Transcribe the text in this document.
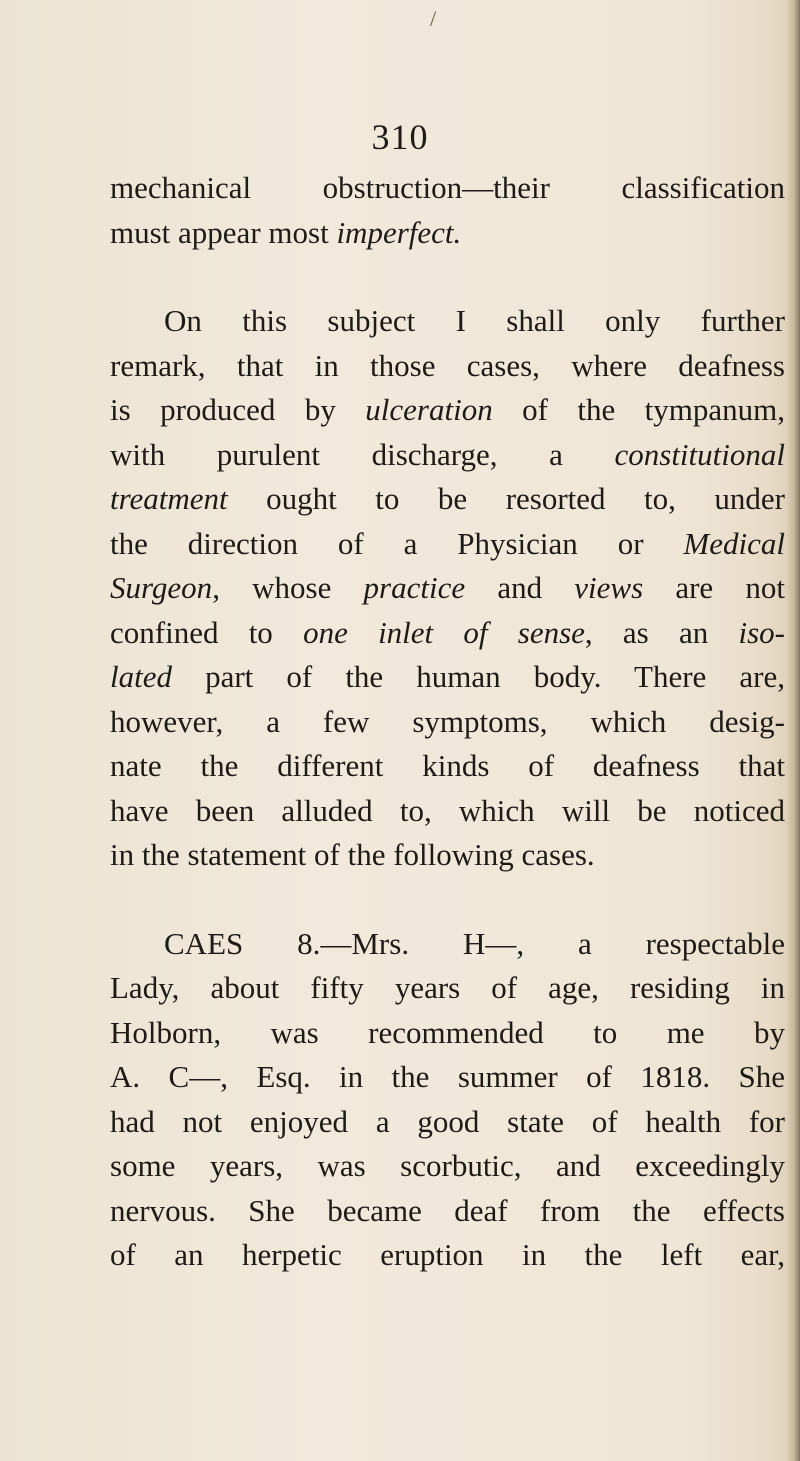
/
310
mechanical obstruction—their classification
must appear most imperfect.
On this subject I shall only further
remark, that in those cases, where deafness
is produced by ulceration of the tympanum,
with purulent discharge, a constitutional
treatment ought to be resorted to, under
the direction of a Physician or Medical
Surgeon, whose practice and views are not
confined to one inlet of sense, as an iso-
lated part of the human body. There are,
however, a few symptoms, which desig-
nate the different kinds of deafness that
have been alluded to, which will be noticed
in the statement of the following cases.
CAES 8.—Mrs. H—, a respectable
Lady, about fifty years of age, residing in
Holborn, was recommended to me by
A. C—, Esq. in the summer of 1818. She
had not enjoyed a good state of health for
some years, was scorbutic, and exceedingly
nervous. She became deaf from the effects
of an herpetic eruption in the left ear,
